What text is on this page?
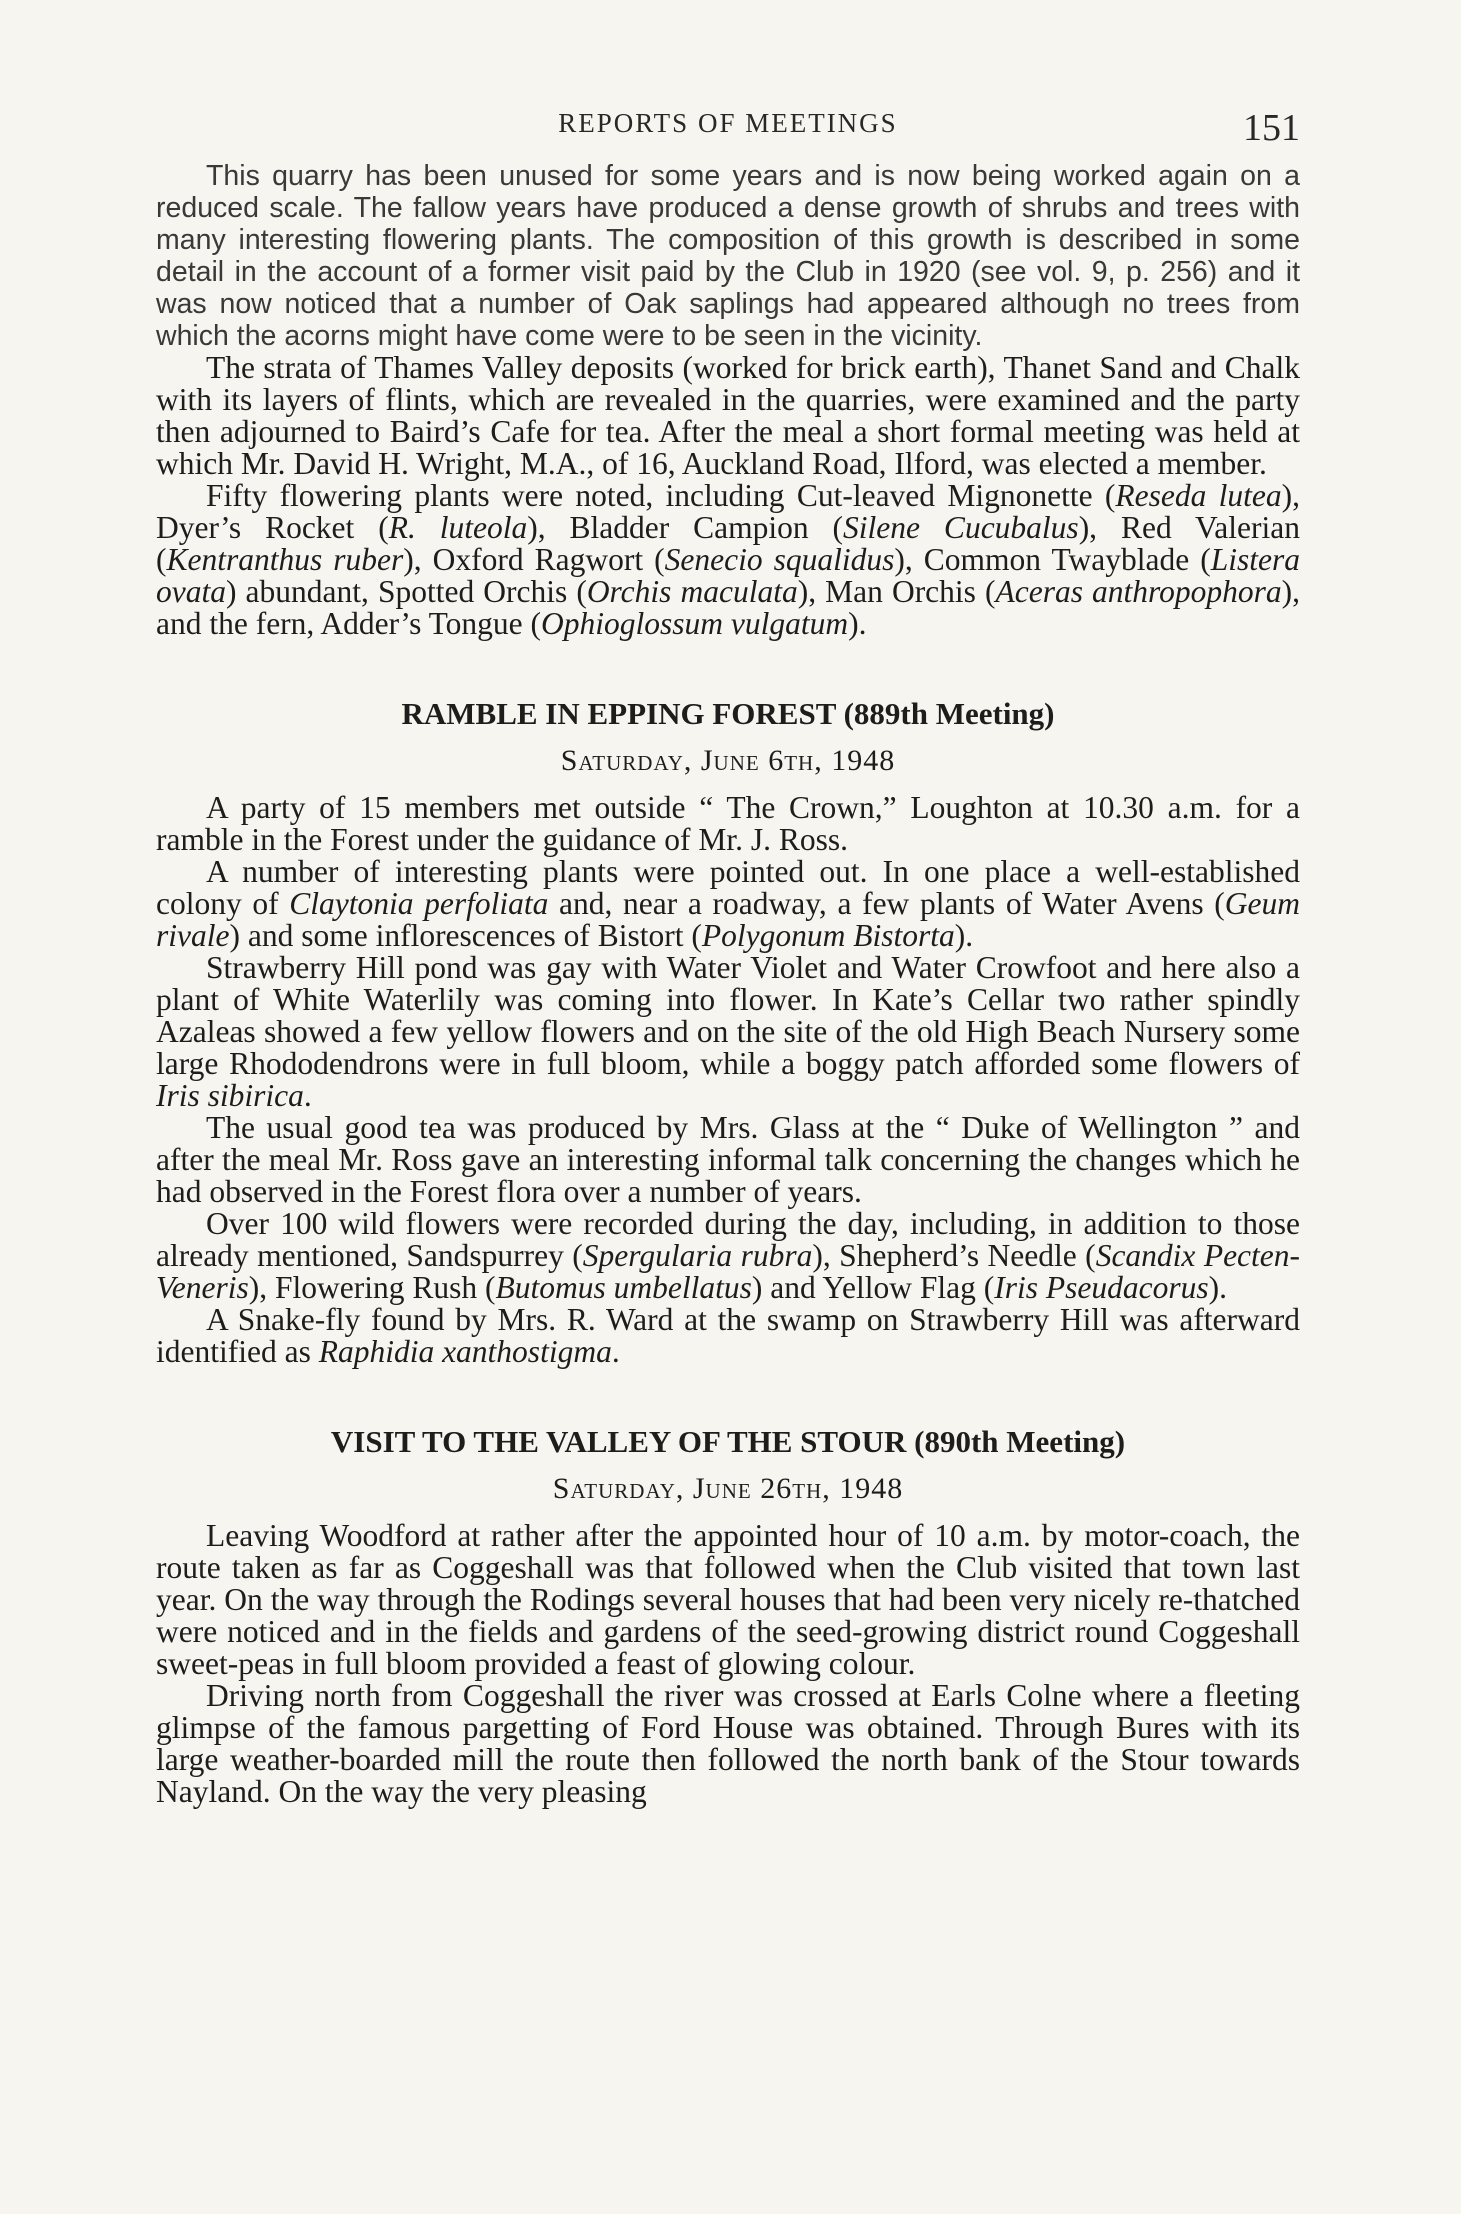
REPORTS OF MEETINGS	151

This quarry has been unused for some years and is now being worked again on a reduced scale. The fallow years have produced a dense growth of shrubs and trees with many interesting flowering plants. The composition of this growth is described in some detail in the account of a former visit paid by the Club in 1920 (see vol. 9, p. 256) and it was now noticed that a number of Oak saplings had appeared although no trees from which the acorns might have come were to be seen in the vicinity.

The strata of Thames Valley deposits (worked for brick earth), Thanet Sand and Chalk with its layers of flints, which are revealed in the quarries, were examined and the party then adjourned to Baird’s Cafe for tea. After the meal a short formal meeting was held at which Mr. David H. Wright, M.A., of 16, Auckland Road, Ilford, was elected a member.

Fifty flowering plants were noted, including Cut-leaved Mignonette (Reseda lutea), Dyer’s Rocket (R. luteola), Bladder Campion (Silene Cucubalus), Red Valerian (Kentranthus ruber), Oxford Ragwort (Senecio squalidus), Common Twayblade (Listera ovata) abundant, Spotted Orchis (Orchis maculata), Man Orchis (Aceras anthropophora), and the fern, Adder’s Tongue (Ophioglossum vulgatum).

RAMBLE IN EPPING FOREST (889th Meeting)
Saturday, June 6th, 1948

A party of 15 members met outside “ The Crown,” Loughton at 10.30 a.m. for a ramble in the Forest under the guidance of Mr. J. Ross.

A number of interesting plants were pointed out. In one place a well-established colony of Claytonia perfoliata and, near a roadway, a few plants of Water Avens (Geum rivale) and some inflorescences of Bistort (Polygonum Bistorta).

Strawberry Hill pond was gay with Water Violet and Water Crowfoot and here also a plant of White Waterlily was coming into flower. In Kate’s Cellar two rather spindly Azaleas showed a few yellow flowers and on the site of the old High Beach Nursery some large Rhododendrons were in full bloom, while a boggy patch afforded some flowers of Iris sibirica.

The usual good tea was produced by Mrs. Glass at the “ Duke of Wellington ” and after the meal Mr. Ross gave an interesting informal talk concerning the changes which he had observed in the Forest flora over a number of years.

Over 100 wild flowers were recorded during the day, including, in addition to those already mentioned, Sandspurrey (Spergularia rubra), Shepherd’s Needle (Scandix Pecten-Veneris), Flowering Rush (Butomus umbellatus) and Yellow Flag (Iris Pseudacorus).

A Snake-fly found by Mrs. R. Ward at the swamp on Strawberry Hill was afterward identified as Raphidia xanthostigma.

VISIT TO THE VALLEY OF THE STOUR (890th Meeting)
Saturday, June 26th, 1948

Leaving Woodford at rather after the appointed hour of 10 a.m. by motor-coach, the route taken as far as Coggeshall was that followed when the Club visited that town last year. On the way through the Rodings several houses that had been very nicely re-thatched were noticed and in the fields and gardens of the seed-growing district round Coggeshall sweet-peas in full bloom provided a feast of glowing colour.

Driving north from Coggeshall the river was crossed at Earls Colne where a fleeting glimpse of the famous pargetting of Ford House was obtained. Through Bures with its large weather-boarded mill the route then followed the north bank of the Stour towards Nayland. On the way the very pleasing
